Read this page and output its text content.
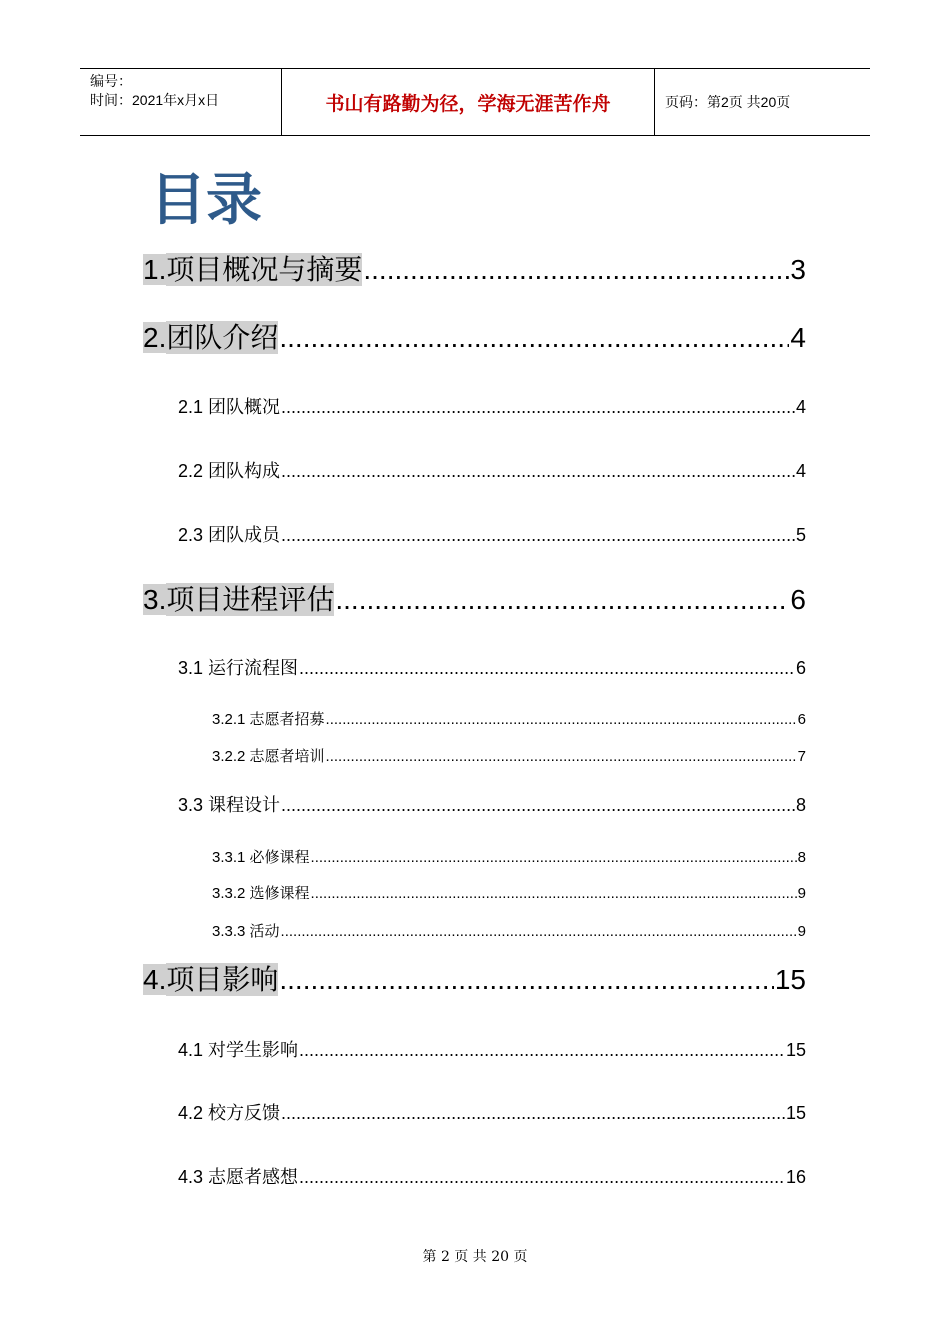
编号：
时间：2021年x月x日	书山有路勤为径，学海无涯苦作舟	页码：第2页 共20页
目录
1.项目概况与摘要 .....	3
2.团队介绍 .....	4
2.1 团队概况 .....	4
2.2 团队构成 .....	4
2.3 团队成员 .....	5
3.项目进程评估 .....	6
3.1 运行流程图 .....	6
3.2.1 志愿者招募 .....	6
3.2.2 志愿者培训 .....	7
3.3 课程设计 .....	8
3.3.1 必修课程 .....	8
3.3.2 选修课程 .....	9
3.3.3 活动 .....	9
4.项目影响 .....	15
4.1 对学生影响 .....	15
4.2 校方反馈 .....	15
4.3 志愿者感想 .....	16
第 2 页 共 20 页
